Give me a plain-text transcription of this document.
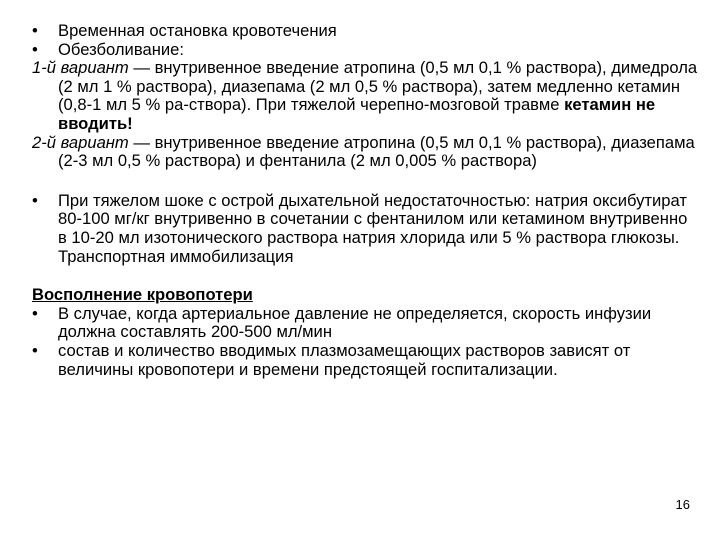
•	Временная остановка кровотечения

•	Обезболивание:

1-й вариант — внутривенное введение атропина (0,5 мл 0,1 % раствора), димедрола (2 мл 1 % раствора), диазепама (2 мл 0,5 % раствора), затем медленно кетамин (0,8-1 мл 5 % ра-створа). При тяжелой черепно-мозговой травме кетамин не вводить!

2-й вариант — внутривенное введение атропина (0,5 мл 0,1 % раствора), диазепама (2-3 мл 0,5 % раствора) и фентанила (2 мл 0,005 % раствора)

•	При тяжелом шоке с острой дыхательной недостаточностью: натрия оксибутират 80-100 мг/кг внутривенно в сочетании с фентанилом или кетамином внутривенно в 10-20 мл изотонического раствора натрия хлорида или 5 % раствора глюкозы. Транспортная иммобилизация

Восполнение кровопотери

•	В случае, когда артериальное давление не определяется, скорость инфузии должна составлять 200-500 мл/мин

•	состав и количество вводимых плазмозамещающих растворов зависят от величины кровопотери и времени предстоящей госпитализации.

16
